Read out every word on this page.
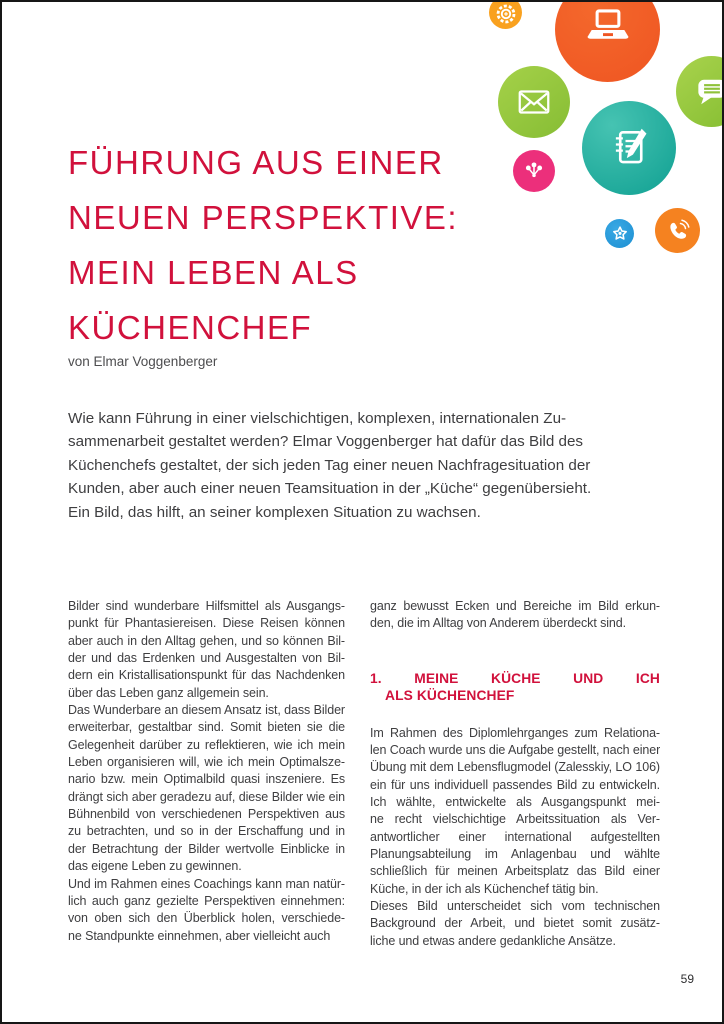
FÜHRUNG AUS EINER
NEUEN PERSPEKTIVE:
MEIN LEBEN ALS
KÜCHENCHEF
von Elmar Voggenberger
Wie kann Führung in einer vielschichtigen, komplexen, internationalen Zu-
sammenarbeit gestaltet werden? Elmar Voggenberger hat dafür das Bild des
Küchenchefs gestaltet, der sich jeden Tag einer neuen Nachfragesituation der
Kunden, aber auch einer neuen Teamsituation in der „Küche“ gegenübersieht.
Ein Bild, das hilft, an seiner komplexen Situation zu wachsen.
Bilder sind wunderbare Hilfsmittel als Ausgangs-
punkt für Phantasiereisen. Diese Reisen können
aber auch in den Alltag gehen, und so können Bil-
der und das Erdenken und Ausgestalten von Bil-
dern ein Kristallisationspunkt für das Nachdenken
über das Leben ganz allgemein sein.
Das Wunderbare an diesem Ansatz ist, dass Bilder
erweiterbar, gestaltbar sind. Somit bieten sie die
Gelegenheit darüber zu reflektieren, wie ich mein
Leben organisieren will, wie ich mein Optimalsze-
nario bzw. mein Optimalbild quasi inszeniere. Es
drängt sich aber geradezu auf, diese Bilder wie ein
Bühnenbild von verschiedenen Perspektiven aus
zu betrachten, und so in der Erschaffung und in
der Betrachtung der Bilder wertvolle Einblicke in
das eigene Leben zu gewinnen.
Und im Rahmen eines Coachings kann man natür-
lich auch ganz gezielte Perspektiven einnehmen:
von oben sich den Überblick holen, verschiede-
ne Standpunkte einnehmen, aber vielleicht auch
ganz bewusst Ecken und Bereiche im Bild erkun-
den, die im Alltag von Anderem überdeckt sind.
1. MEINE KÜCHE UND ICH
ALS KÜCHENCHEF
Im Rahmen des Diplomlehrganges zum Relationa-
len Coach wurde uns die Aufgabe gestellt, nach einer
Übung mit dem Lebensflugmodel (Zalesskiy, LO 106)
ein für uns individuell passendes Bild zu entwickeln.
Ich wählte, entwickelte als Ausgangspunkt mei-
ne recht vielschichtige Arbeitssituation als Ver-
antwortlicher einer international aufgestellten
Planungsabteilung im Anlagenbau und wählte
schließlich für meinen Arbeitsplatz das Bild einer
Küche, in der ich als Küchenchef tätig bin.
Dieses Bild unterscheidet sich vom technischen
Background der Arbeit, und bietet somit zusätz-
liche und etwas andere gedankliche Ansätze.
59
